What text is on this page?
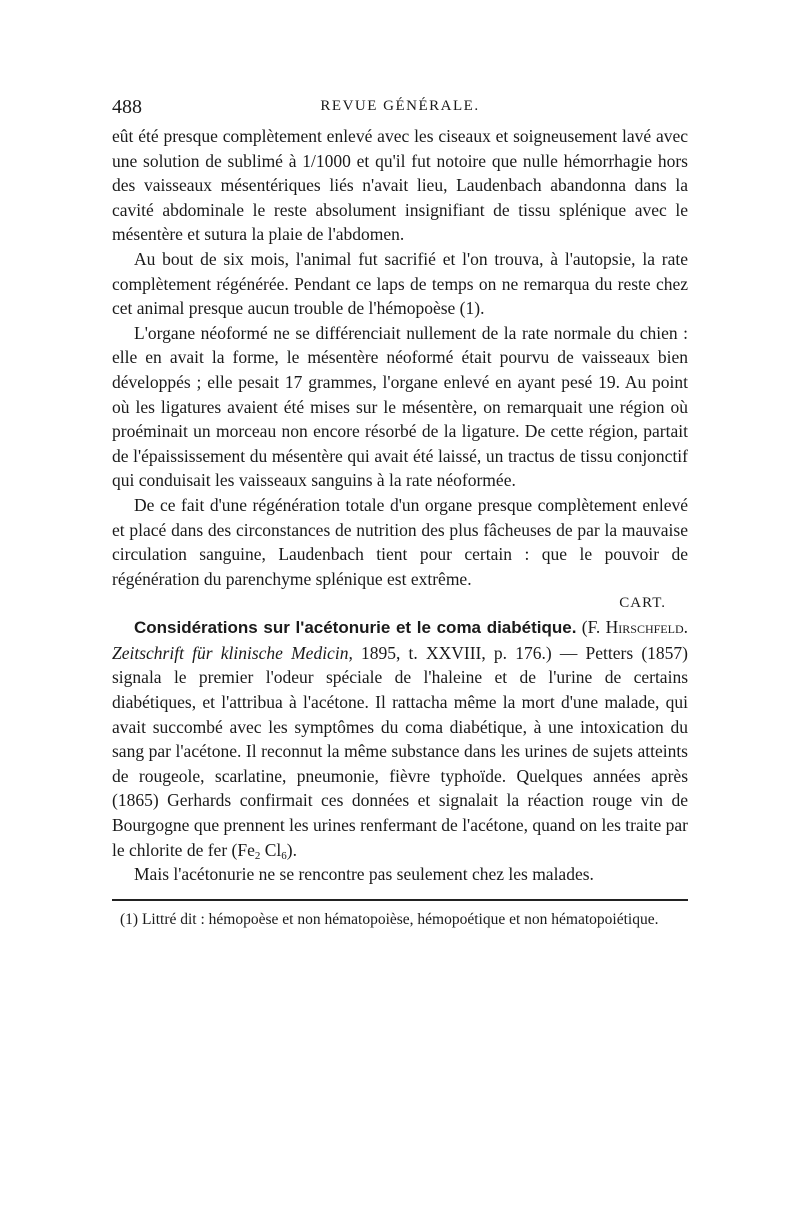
488	REVUE GÉNÉRALE.

eût été presque complètement enlevé avec les ciseaux et soigneusement lavé avec une solution de sublimé à 1/1000 et qu'il fut notoire que nulle hémorrhagie hors des vaisseaux mésentériques liés n'avait lieu, Laudenbach abandonna dans la cavité abdominale le reste absolument insignifiant de tissu splénique avec le mésentère et sutura la plaie de l'abdomen.

Au bout de six mois, l'animal fut sacrifié et l'on trouva, à l'autopsie, la rate complètement régénérée. Pendant ce laps de temps on ne remarqua du reste chez cet animal presque aucun trouble de l'hémopoèse (1).

L'organe néoformé ne se différenciait nullement de la rate normale du chien : elle en avait la forme, le mésentère néoformé était pourvu de vaisseaux bien développés ; elle pesait 17 grammes, l'organe enlevé en ayant pesé 19. Au point où les ligatures avaient été mises sur le mésentère, on remarquait une région où proéminait un morceau non encore résorbé de la ligature. De cette région, partait de l'épaississement du mésentère qui avait été laissé, un tractus de tissu conjonctif qui conduisait les vaisseaux sanguins à la rate néoformée.

De ce fait d'une régénération totale d'un organe presque complètement enlevé et placé dans des circonstances de nutrition des plus fâcheuses de par la mauvaise circulation sanguine, Laudenbach tient pour certain : que le pouvoir de régénération du parenchyme splénique est extrême.

CART.

Considérations sur l'acétonurie et le coma diabétique. (F. Hirschfeld. Zeitschrift für klinische Medicin, 1895, t. XXVIII, p. 176.) — Petters (1857) signala le premier l'odeur spéciale de l'haleine et de l'urine de certains diabétiques, et l'attribua à l'acétone. Il rattacha même la mort d'une malade, qui avait succombé avec les symptômes du coma diabétique, à une intoxication du sang par l'acétone. Il reconnut la même substance dans les urines de sujets atteints de rougeole, scarlatine, pneumonie, fièvre typhoïde. Quelques années après (1865) Gerhards confirmait ces données et signalait la réaction rouge vin de Bourgogne que prennent les urines renfermant de l'acétone, quand on les traite par le chlorite de fer ($Fe_2$ $Cl_6$).

Mais l'acétonurie ne se rencontre pas seulement chez les malades.

(1) Littré dit : hémopoèse et non hématopoièse, hémopoétique et non hématopoiétique.
